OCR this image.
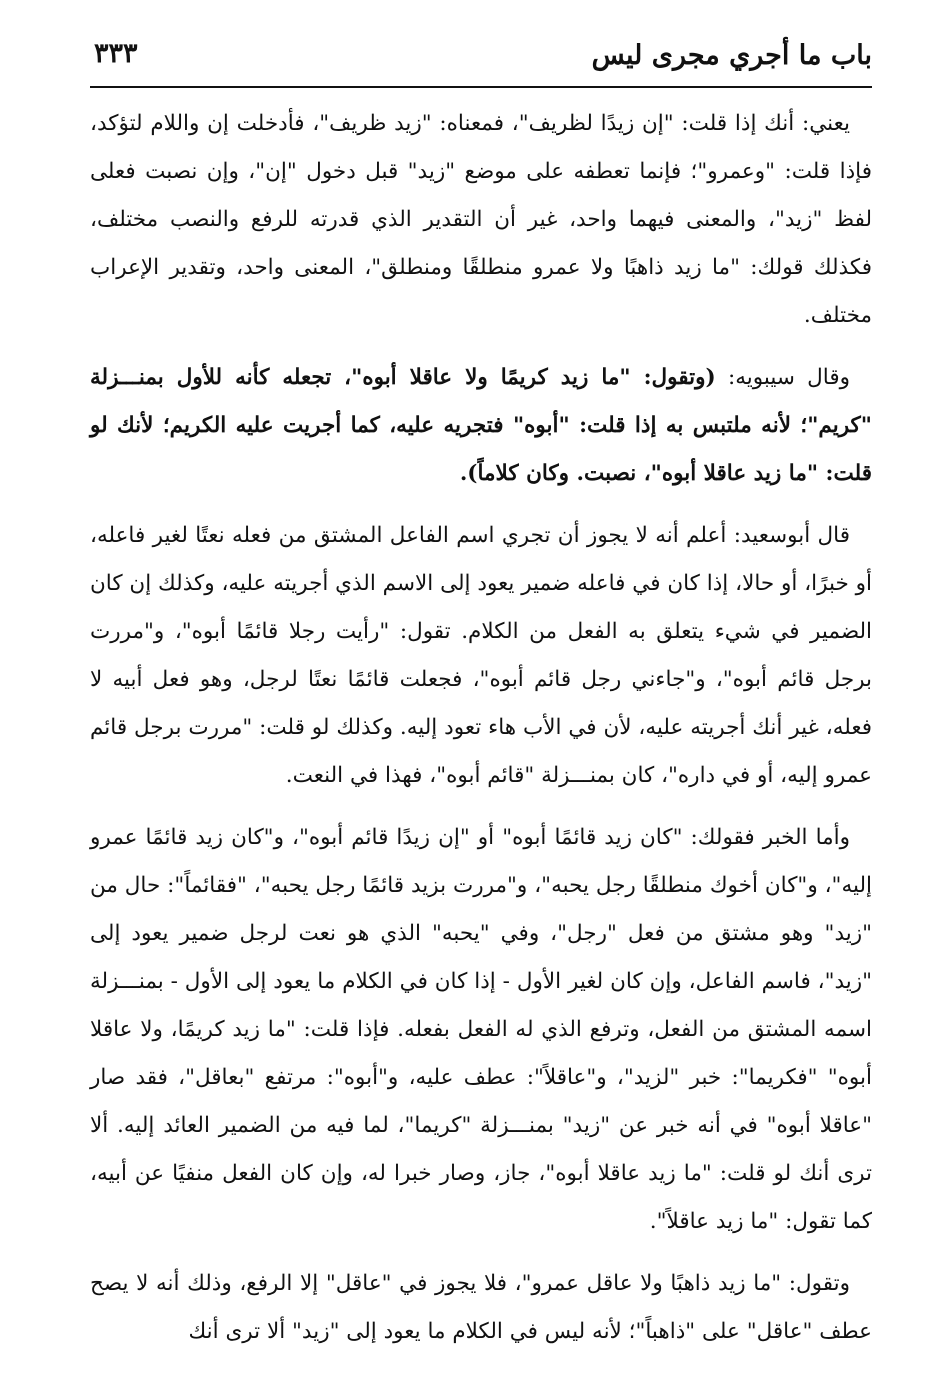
باب ما أجري مجرى ليس
٣٣٣

يعني: أنك إذا قلت: "إن زيدًا لظريف"، فمعناه: "زيد ظريف"، فأدخلت إن واللام لتؤكد، فإذا قلت: "وعمرو"؛ فإنما تعطفه على موضع "زيد" قبل دخول "إن"، وإن نصبت فعلى لفظ "زيد"، والمعنى فيهما واحد، غير أن التقدير الذي قدرته للرفع والنصب مختلف، فكذلك قولك: "ما زيد ذاهبًا ولا عمرو منطلقًا ومنطلق"، المعنى واحد، وتقدير الإعراب مختلف.

وقال سيبويه: (وتقول: "ما زيد كريمًا ولا عاقلا أبوه"، تجعله كأنه للأول بمنـــزلة "كريم"؛ لأنه ملتبس به إذا قلت: "أبوه" فتجريه عليه، كما أجريت عليه الكريم؛ لأنك لو قلت: "ما زيد عاقلا أبوه"، نصبت. وكان كلاماً).

قال أبوسعيد: أعلم أنه لا يجوز أن تجري اسم الفاعل المشتق من فعله نعتًا لغير فاعله، أو خبرًا، أو حالا، إذا كان في فاعله ضمير يعود إلى الاسم الذي أجريته عليه، وكذلك إن كان الضمير في شيء يتعلق به الفعل من الكلام. تقول: "رأيت رجلا قائمًا أبوه"، و"مررت برجل قائم أبوه"، و"جاءني رجل قائم أبوه"، فجعلت قائمًا نعتًا لرجل، وهو فعل أبيه لا فعله، غير أنك أجريته عليه، لأن في الأب هاء تعود إليه. وكذلك لو قلت: "مررت برجل قائم عمرو إليه، أو في داره"، كان بمنـــزلة "قائم أبوه"، فهذا في النعت.

وأما الخبر فقولك: "كان زيد قائمًا أبوه" أو "إن زيدًا قائم أبوه"، و"كان زيد قائمًا عمرو إليه"، و"كان أخوك منطلقًا رجل يحبه"، و"مررت بزيد قائمًا رجل يحبه"، "فقائماً": حال من "زيد" وهو مشتق من فعل "رجل"، وفي "يحبه" الذي هو نعت لرجل ضمير يعود إلى "زيد"، فاسم الفاعل، وإن كان لغير الأول - إذا كان في الكلام ما يعود إلى الأول - بمنـــزلة اسمه المشتق من الفعل، وترفع الذي له الفعل بفعله. فإذا قلت: "ما زيد كريمًا، ولا عاقلا أبوه" "فكريما": خبر "لزيد"، و"عاقلاً": عطف عليه، و"أبوه": مرتفع "بعاقل"، فقد صار "عاقلا أبوه" في أنه خبر عن "زيد" بمنـــزلة "كريما"، لما فيه من الضمير العائد إليه. ألا ترى أنك لو قلت: "ما زيد عاقلا أبوه"، جاز، وصار خبرا له، وإن كان الفعل منفيًا عن أبيه، كما تقول: "ما زيد عاقلاً".

وتقول: "ما زيد ذاهبًا ولا عاقل عمرو"، فلا يجوز في "عاقل" إلا الرفع، وذلك أنه لا يصح عطف "عاقل" على "ذاهباً"؛ لأنه ليس في الكلام ما يعود إلى "زيد" ألا ترى أنك
